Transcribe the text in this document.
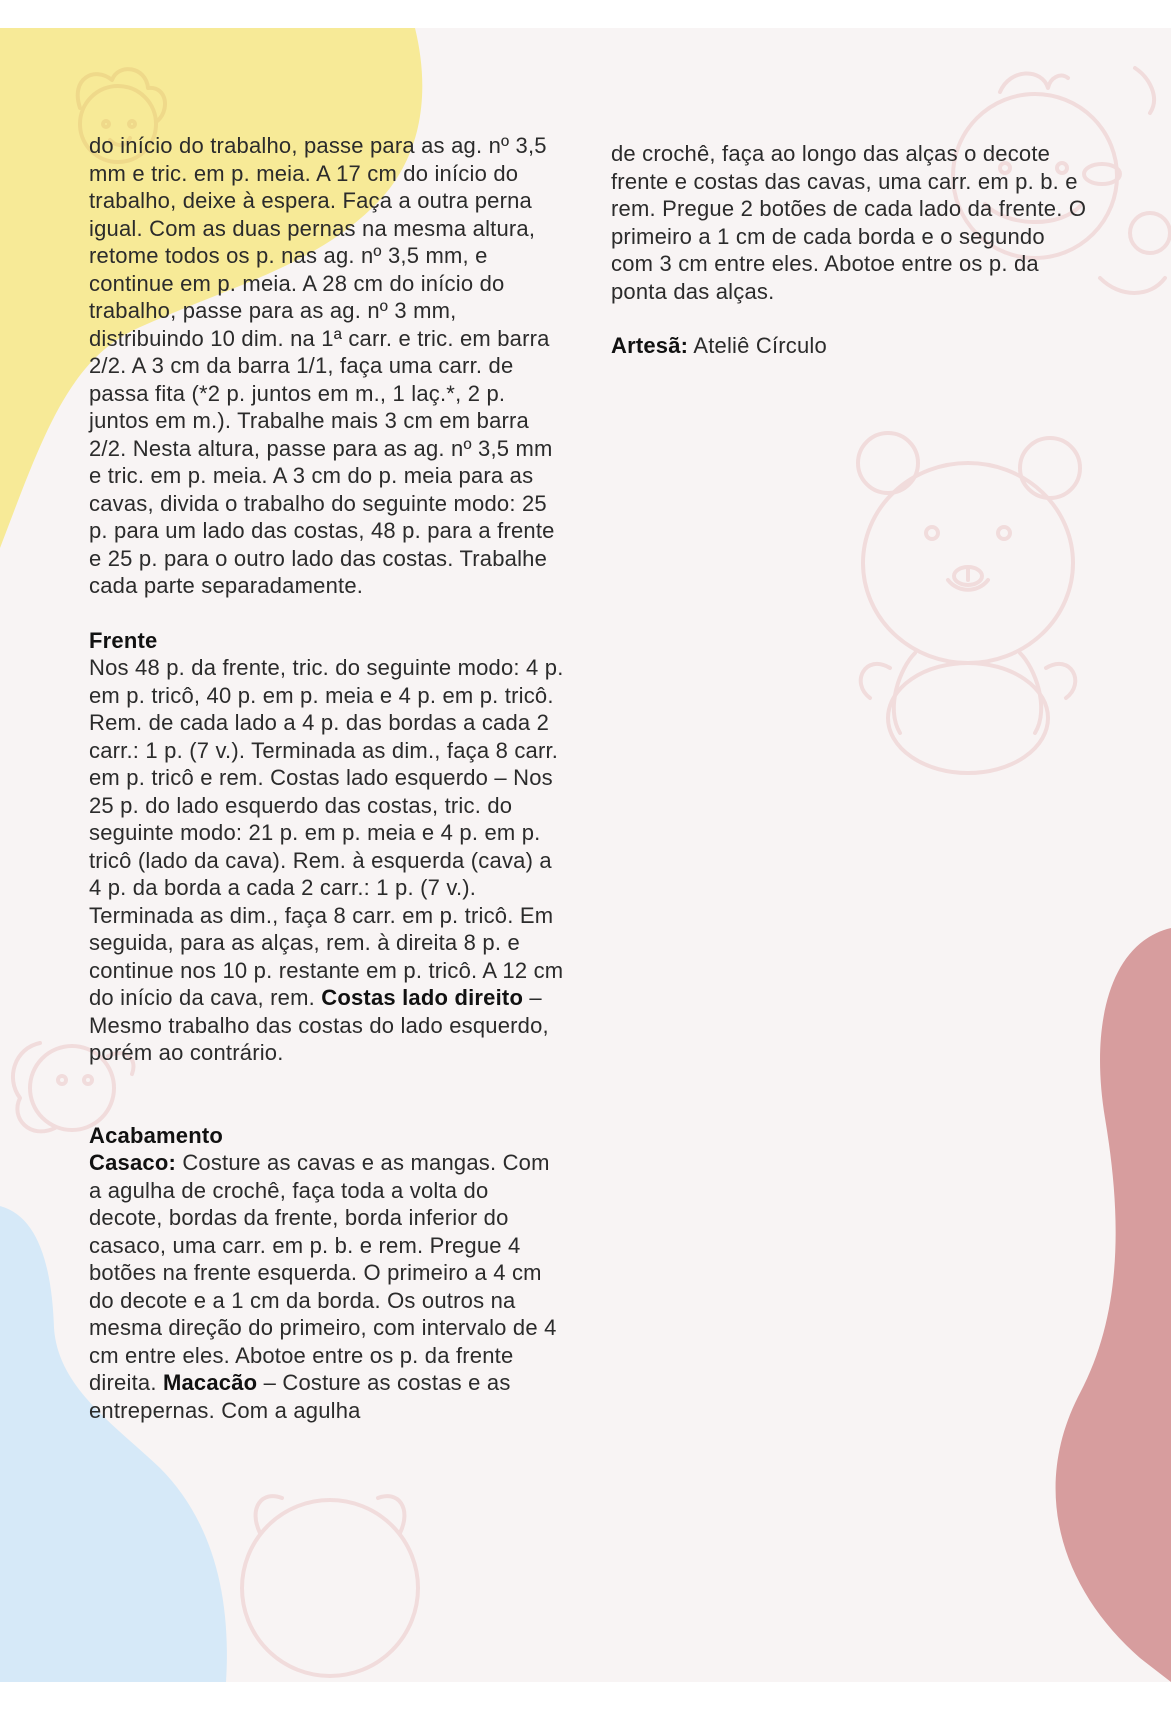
do início do trabalho, passe para as ag. nº 3,5 mm e tric. em p. meia. A 17 cm do início do trabalho, deixe à espera. Faça a outra perna igual. Com as duas pernas na mesma altura, retome todos os p. nas ag. nº 3,5 mm, e continue em p. meia. A 28 cm do início do trabalho, passe para as ag. nº 3 mm, distribuindo 10 dim. na 1ª carr. e tric. em barra 2/2. A 3 cm da barra 1/1, faça uma carr. de passa fita (*2 p. juntos em m., 1 laç.*, 2 p. juntos em m.). Trabalhe mais 3 cm em barra 2/2. Nesta altura, passe para as ag. nº 3,5 mm e tric. em p. meia. A 3 cm do p. meia para as cavas, divida o trabalho do seguinte modo: 25 p. para um lado das costas, 48 p. para a frente e 25 p. para o outro lado das costas. Trabalhe cada parte separadamente.

Frente
Nos 48 p. da frente, tric. do seguinte modo: 4 p. em p. tricô, 40 p. em p. meia e 4 p. em p. tricô. Rem. de cada lado a 4 p. das bordas a cada 2 carr.: 1 p. (7 v.). Terminada as dim., faça 8 carr. em p. tricô e rem. Costas lado esquerdo – Nos 25 p. do lado esquerdo das costas, tric. do seguinte modo: 21 p. em p. meia e 4 p. em p. tricô (lado da cava). Rem. à esquerda (cava) a 4 p. da borda a cada 2 carr.: 1 p. (7 v.). Terminada as dim., faça 8 carr. em p. tricô. Em seguida, para as alças, rem. à direita 8 p. e continue nos 10 p. restante em p. tricô. A 12 cm do início da cava, rem. Costas lado direito – Mesmo trabalho das costas do lado esquerdo, porém ao contrário.

Acabamento
Casaco: Costure as cavas e as mangas. Com a agulha de crochê, faça toda a volta do decote, bordas da frente, borda inferior do casaco, uma carr. em p. b. e rem. Pregue 4 botões na frente esquerda. O primeiro a 4 cm do decote e a 1 cm da borda. Os outros na mesma direção do primeiro, com intervalo de 4 cm entre eles. Abotoe entre os p. da frente direita. Macacão – Costure as costas e as entrepernas. Com a agulha

de crochê, faça ao longo das alças o decote frente e costas das cavas, uma carr. em p. b. e rem. Pregue 2 botões de cada lado da frente. O primeiro a 1 cm de cada borda e o segundo com 3 cm entre eles. Abotoe entre os p. da ponta das alças.

Artesã: Ateliê Círculo
